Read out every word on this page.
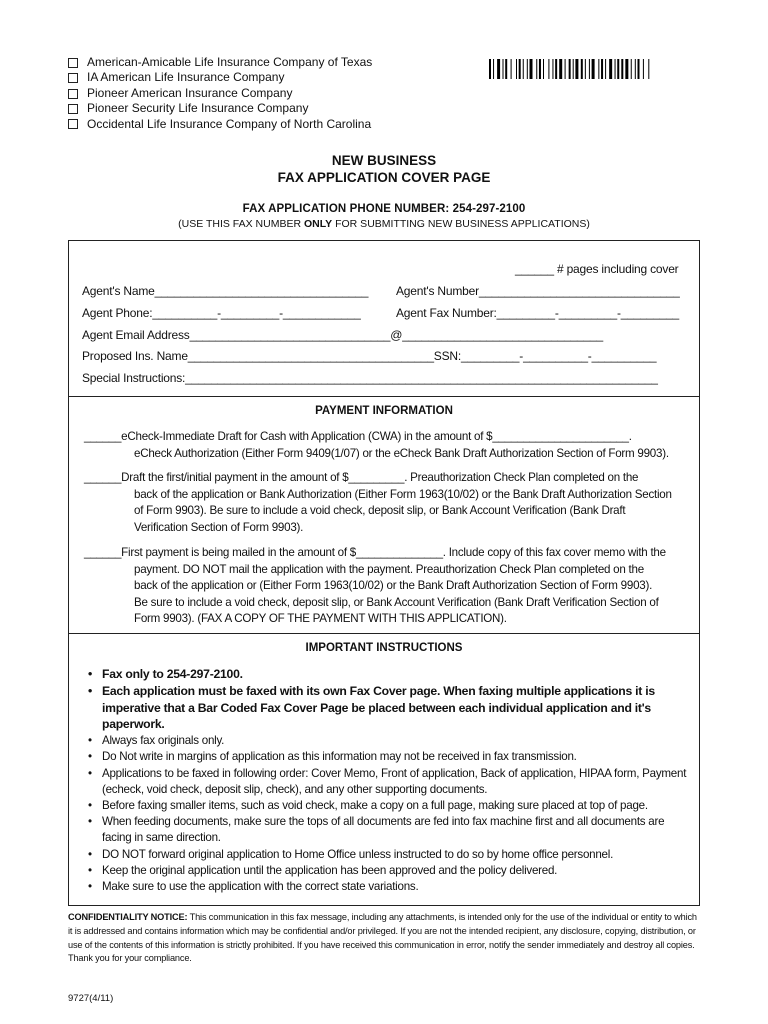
American-Amicable Life Insurance Company of Texas
IA American Life Insurance Company
Pioneer American Insurance Company
Pioneer Security Life Insurance Company
Occidental Life Insurance Company of North Carolina
NEW BUSINESS
FAX APPLICATION COVER PAGE
FAX APPLICATION PHONE NUMBER: 254-297-2100
(USE THIS FAX NUMBER ONLY FOR SUBMITTING NEW BUSINESS APPLICATIONS)
______ # pages including cover
Agent's Name_________________________________ Agent's Number_______________________________
Agent Phone:__________-_________-____________	Agent Fax Number:_________-_________-_________
Agent Email Address_______________________________@_______________________________
Proposed Ins. Name______________________________________SSN:_________-__________-__________
Special Instructions:_________________________________________________________________________
PAYMENT INFORMATION
______eCheck-Immediate Draft for Cash with Application (CWA) in the amount of $______________________.
eCheck Authorization (Either Form 9409(1/07) or the eCheck Bank Draft Authorization Section of Form 9903).
______Draft the first/initial payment in the amount of $_________. Preauthorization Check Plan completed on the
back of the application or Bank Authorization (Either Form 1963(10/02) or the Bank Draft Authorization Section
of Form 9903). Be sure to include a void check, deposit slip, or Bank Account Verification (Bank Draft
Verification Section of Form 9903).
______First payment is being mailed in the amount of $______________. Include copy of this fax cover memo with the
payment. DO NOT mail the application with the payment. Preauthorization Check Plan completed on the
back of the application or (Either Form 1963(10/02) or the Bank Draft Authorization Section of Form 9903).
Be sure to include a void check, deposit slip, or Bank Account Verification (Bank Draft Verification Section of
Form 9903). (FAX A COPY OF THE PAYMENT WITH THIS APPLICATION).
IMPORTANT INSTRUCTIONS
• Fax only to 254-297-2100.
• Each application must be faxed with its own Fax Cover page. When faxing multiple applications it is imperative that a Bar Coded Fax Cover Page be placed between each individual application and it's paperwork.
• Always fax originals only.
• Do Not write in margins of application as this information may not be received in fax transmission.
• Applications to be faxed in following order: Cover Memo, Front of application, Back of application, HIPAA form, Payment (echeck, void check, deposit slip, check), and any other supporting documents.
• Before faxing smaller items, such as void check, make a copy on a full page, making sure placed at top of page.
• When feeding documents, make sure the tops of all documents are fed into fax machine first and all documents are facing in same direction.
• DO NOT forward original application to Home Office unless instructed to do so by home office personnel.
• Keep the original application until the application has been approved and the policy delivered.
• Make sure to use the application with the correct state variations.
CONFIDENTIALITY NOTICE: This communication in this fax message, including any attachments, is intended only for the use of the individual or entity to which it is addressed and contains information which may be confidential and/or privileged. If you are not the intended recipient, any disclosure, copying, distribution, or use of the contents of this information is strictly prohibited. If you have received this communication in error, notify the sender immediately and destroy all copies. Thank you for your compliance.
9727(4/11)
